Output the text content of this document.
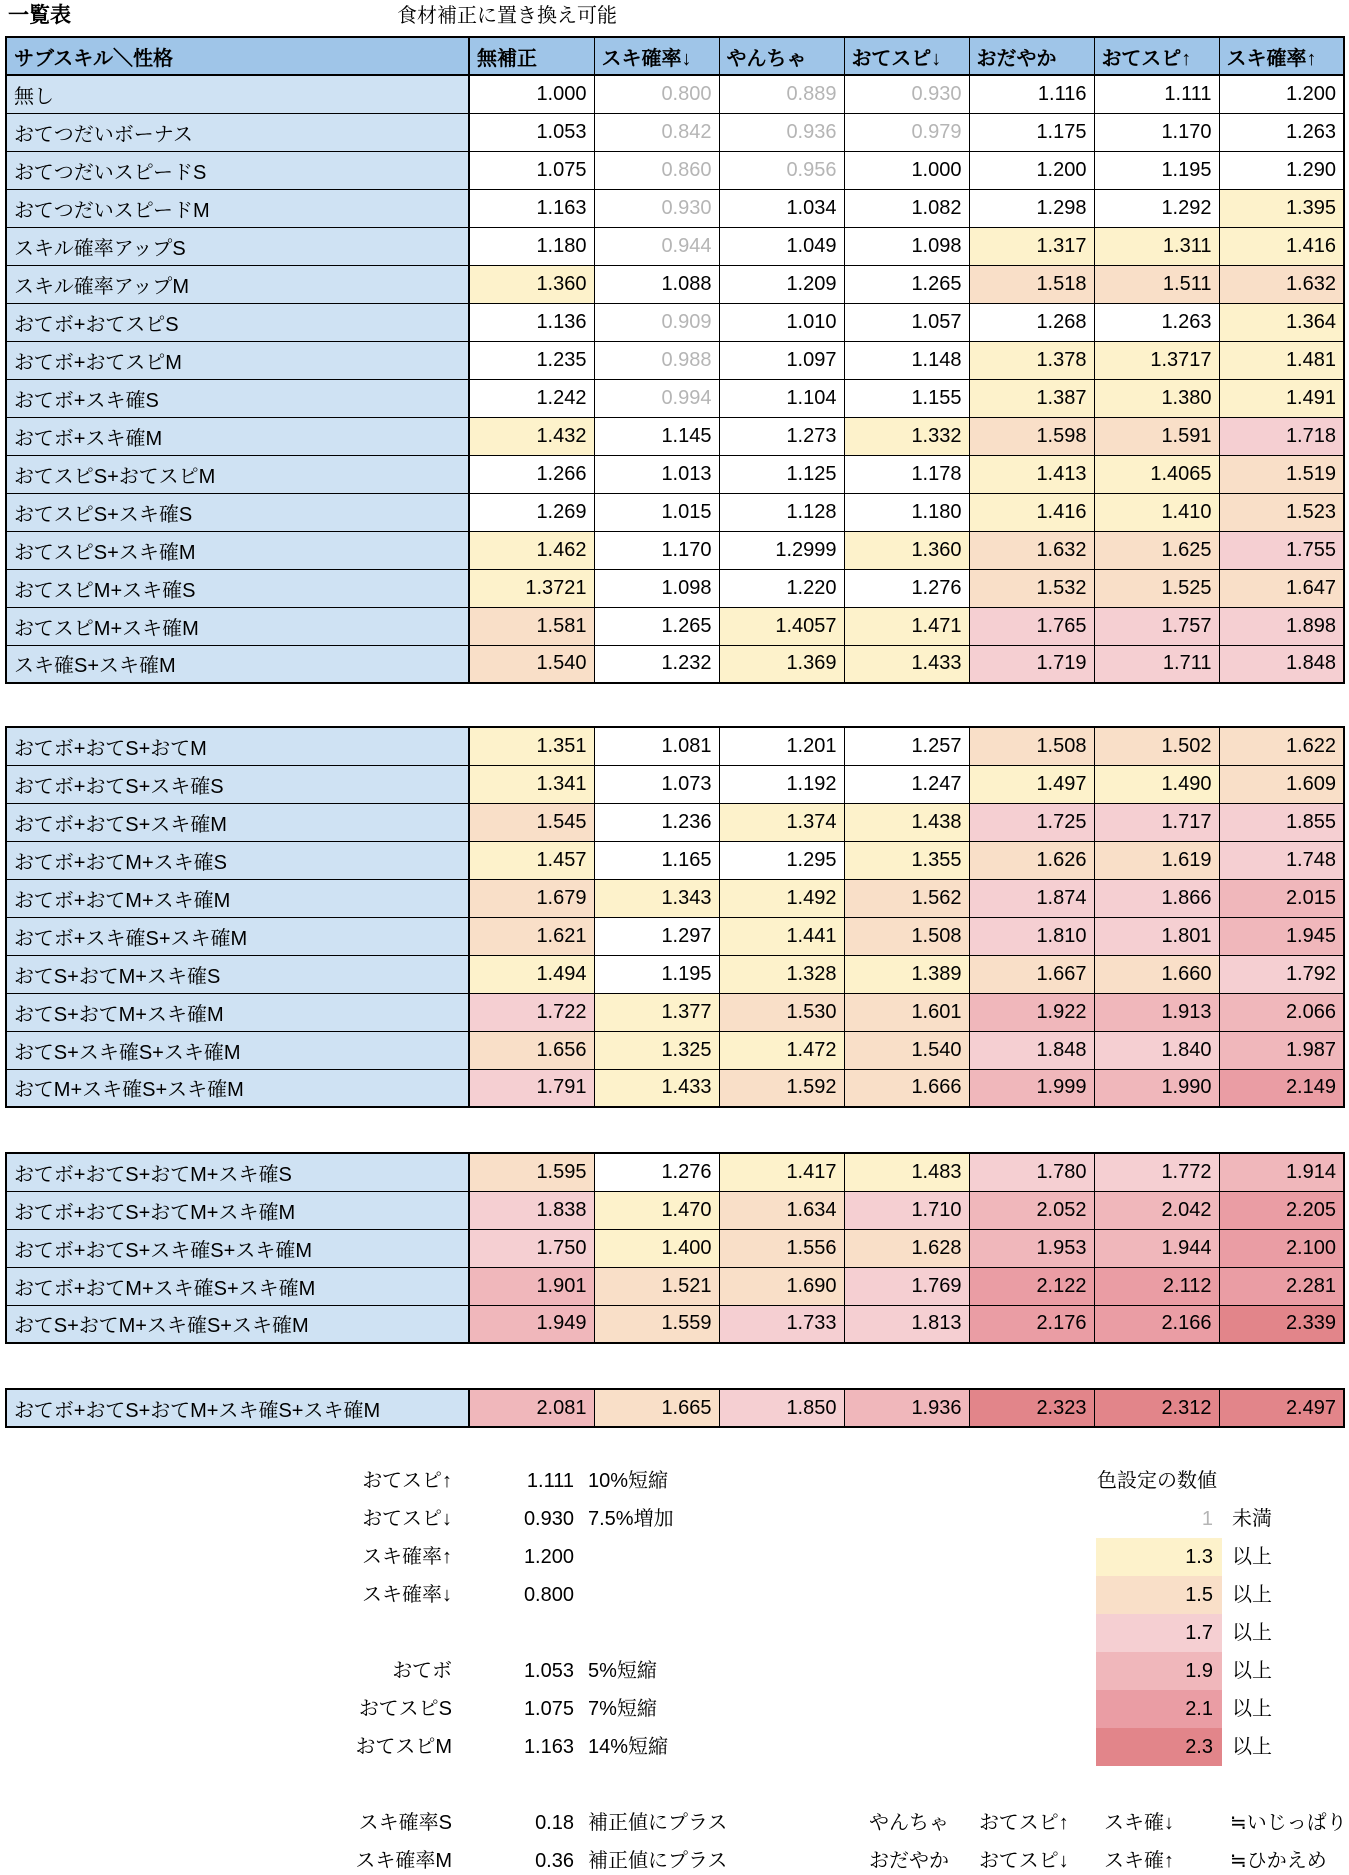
一覧表	食材補正に置き換え可能
サブスキル＼性格	無補正	スキ確率↓	やんちゃ	おてスピ↓	おだやか	おてスピ↑	スキ確率↑
無し	1.000	0.800	0.889	0.930	1.116	1.111	1.200
おてつだいボーナス	1.053	0.842	0.936	0.979	1.175	1.170	1.263
おてつだいスピードS	1.075	0.860	0.956	1.000	1.200	1.195	1.290
おてつだいスピードM	1.163	0.930	1.034	1.082	1.298	1.292	1.395
スキル確率アップS	1.180	0.944	1.049	1.098	1.317	1.311	1.416
スキル確率アップM	1.360	1.088	1.209	1.265	1.518	1.511	1.632
おてボ+おてスピS	1.136	0.909	1.010	1.057	1.268	1.263	1.364
おてボ+おてスピM	1.235	0.988	1.097	1.148	1.378	1.3717	1.481
おてボ+スキ確S	1.242	0.994	1.104	1.155	1.387	1.380	1.491
おてボ+スキ確M	1.432	1.145	1.273	1.332	1.598	1.591	1.718
おてスピS+おてスピM	1.266	1.013	1.125	1.178	1.413	1.4065	1.519
おてスピS+スキ確S	1.269	1.015	1.128	1.180	1.416	1.410	1.523
おてスピS+スキ確M	1.462	1.170	1.2999	1.360	1.632	1.625	1.755
おてスピM+スキ確S	1.3721	1.098	1.220	1.276	1.532	1.525	1.647
おてスピM+スキ確M	1.581	1.265	1.4057	1.471	1.765	1.757	1.898
スキ確S+スキ確M	1.540	1.232	1.369	1.433	1.719	1.711	1.848
おてボ+おてS+おてM	1.351	1.081	1.201	1.257	1.508	1.502	1.622
おてボ+おてS+スキ確S	1.341	1.073	1.192	1.247	1.497	1.490	1.609
おてボ+おてS+スキ確M	1.545	1.236	1.374	1.438	1.725	1.717	1.855
おてボ+おてM+スキ確S	1.457	1.165	1.295	1.355	1.626	1.619	1.748
おてボ+おてM+スキ確M	1.679	1.343	1.492	1.562	1.874	1.866	2.015
おてボ+スキ確S+スキ確M	1.621	1.297	1.441	1.508	1.810	1.801	1.945
おてS+おてM+スキ確S	1.494	1.195	1.328	1.389	1.667	1.660	1.792
おてS+おてM+スキ確M	1.722	1.377	1.530	1.601	1.922	1.913	2.066
おてS+スキ確S+スキ確M	1.656	1.325	1.472	1.540	1.848	1.840	1.987
おてM+スキ確S+スキ確M	1.791	1.433	1.592	1.666	1.999	1.990	2.149
おてボ+おてS+おてM+スキ確S	1.595	1.276	1.417	1.483	1.780	1.772	1.914
おてボ+おてS+おてM+スキ確M	1.838	1.470	1.634	1.710	2.052	2.042	2.205
おてボ+おてS+スキ確S+スキ確M	1.750	1.400	1.556	1.628	1.953	1.944	2.100
おてボ+おてM+スキ確S+スキ確M	1.901	1.521	1.690	1.769	2.122	2.112	2.281
おてS+おてM+スキ確S+スキ確M	1.949	1.559	1.733	1.813	2.176	2.166	2.339
おてボ+おてS+おてM+スキ確S+スキ確M	2.081	1.665	1.850	1.936	2.323	2.312	2.497
おてスピ↑	1.111 10%短縮
おてスピ↓	0.930 7.5%増加
スキ確率↑	1.200
スキ確率↓	0.800
おてボ	1.053 5%短縮
おてスピS	1.075 7%短縮
おてスピM	1.163 14%短縮
スキ確率S	0.18 補正値にプラス
スキ確率M	0.36 補正値にプラス
色設定の数値
1 未満
1.3 以上
1.5 以上
1.7 以上
1.9 以上
2.1 以上
2.3 以上
やんちゃ おてスピ↑ スキ確↓	≒いじっぱり
おだやか おてスピ↓ スキ確↑	≒ひかえめ
